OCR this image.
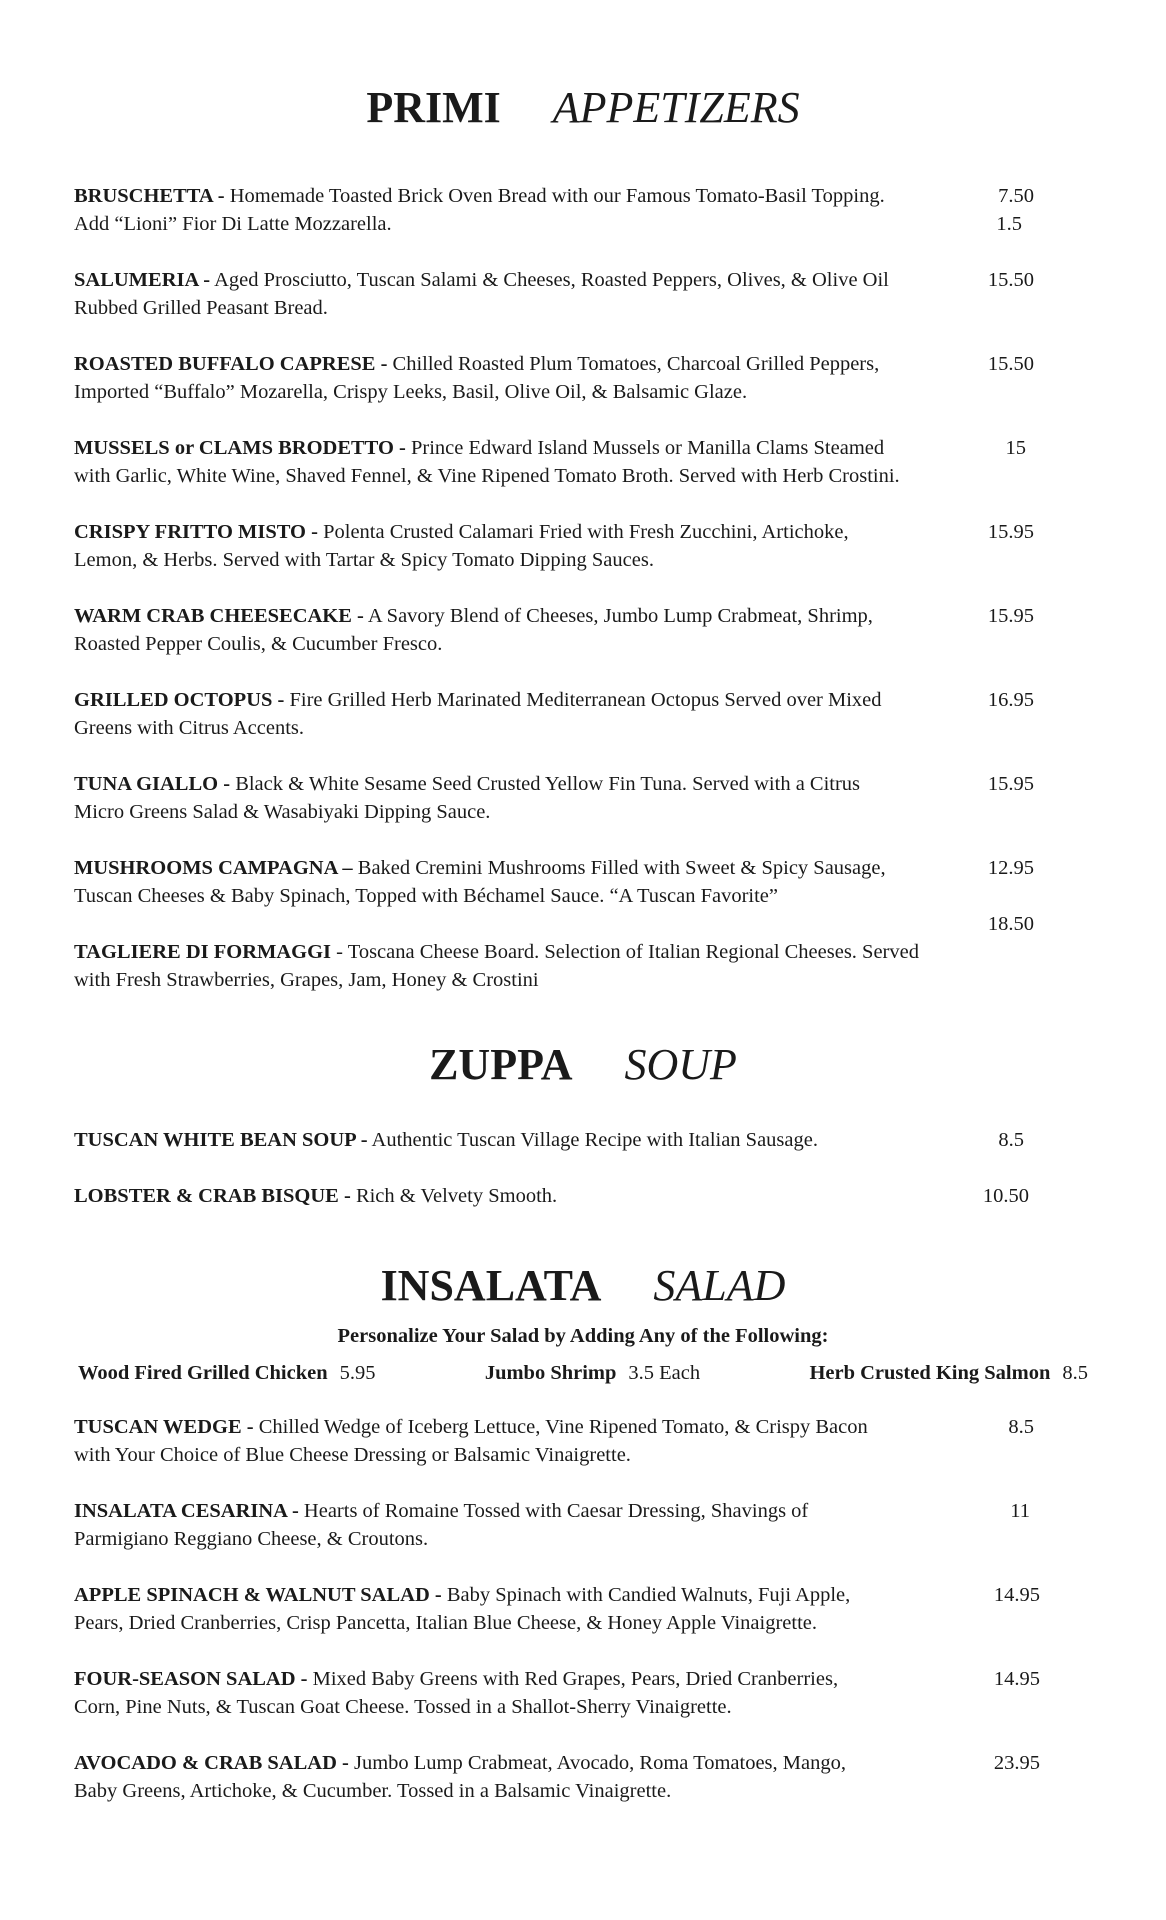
PRIMI APPETIZERS
BRUSCHETTA - Homemade Toasted Brick Oven Bread with our Famous Tomato-Basil Topping.
Add “Lioni” Fior Di Latte Mozzarella.
7.50
1.5
SALUMERIA - Aged Prosciutto, Tuscan Salami & Cheeses, Roasted Peppers, Olives, & Olive Oil
Rubbed Grilled Peasant Bread.
15.50
ROASTED BUFFALO CAPRESE - Chilled Roasted Plum Tomatoes, Charcoal Grilled Peppers,
Imported “Buffalo” Mozarella, Crispy Leeks, Basil, Olive Oil, & Balsamic Glaze.
15.50
MUSSELS or CLAMS BRODETTO - Prince Edward Island Mussels or Manilla Clams Steamed
with Garlic, White Wine, Shaved Fennel, & Vine Ripened Tomato Broth. Served with Herb Crostini.
15
CRISPY FRITTO MISTO - Polenta Crusted Calamari Fried with Fresh Zucchini, Artichoke,
Lemon, & Herbs. Served with Tartar & Spicy Tomato Dipping Sauces.
15.95
WARM CRAB CHEESECAKE - A Savory Blend of Cheeses, Jumbo Lump Crabmeat, Shrimp,
Roasted Pepper Coulis, & Cucumber Fresco.
15.95
GRILLED OCTOPUS - Fire Grilled Herb Marinated Mediterranean Octopus Served over Mixed
Greens with Citrus Accents.
16.95
TUNA GIALLO - Black & White Sesame Seed Crusted Yellow Fin Tuna. Served with a Citrus
Micro Greens Salad & Wasabiyaki Dipping Sauce.
15.95
MUSHROOMS CAMPAGNA – Baked Cremini Mushrooms Filled with Sweet & Spicy Sausage,
Tuscan Cheeses & Baby Spinach, Topped with Béchamel Sauce. “A Tuscan Favorite”
12.95
TAGLIERE DI FORMAGGI - Toscana Cheese Board. Selection of Italian Regional Cheeses. Served
with Fresh Strawberries, Grapes, Jam, Honey & Crostini
18.50
ZUPPA SOUP
TUSCAN WHITE BEAN SOUP - Authentic Tuscan Village Recipe with Italian Sausage.	8.5
LOBSTER & CRAB BISQUE - Rich & Velvety Smooth.	10.50
INSALATA SALAD
Personalize Your Salad by Adding Any of the Following:
Wood Fired Grilled Chicken 5.95	Jumbo Shrimp 3.5 Each	Herb Crusted King Salmon 8.5
TUSCAN WEDGE - Chilled Wedge of Iceberg Lettuce, Vine Ripened Tomato, & Crispy Bacon
with Your Choice of Blue Cheese Dressing or Balsamic Vinaigrette.
8.5
INSALATA CESARINA - Hearts of Romaine Tossed with Caesar Dressing, Shavings of
Parmigiano Reggiano Cheese, & Croutons.
11
APPLE SPINACH & WALNUT SALAD - Baby Spinach with Candied Walnuts, Fuji Apple,
Pears, Dried Cranberries, Crisp Pancetta, Italian Blue Cheese, & Honey Apple Vinaigrette.
14.95
FOUR-SEASON SALAD - Mixed Baby Greens with Red Grapes, Pears, Dried Cranberries,
Corn, Pine Nuts, & Tuscan Goat Cheese. Tossed in a Shallot-Sherry Vinaigrette.
14.95
AVOCADO & CRAB SALAD - Jumbo Lump Crabmeat, Avocado, Roma Tomatoes, Mango,
Baby Greens, Artichoke, & Cucumber. Tossed in a Balsamic Vinaigrette.
23.95
